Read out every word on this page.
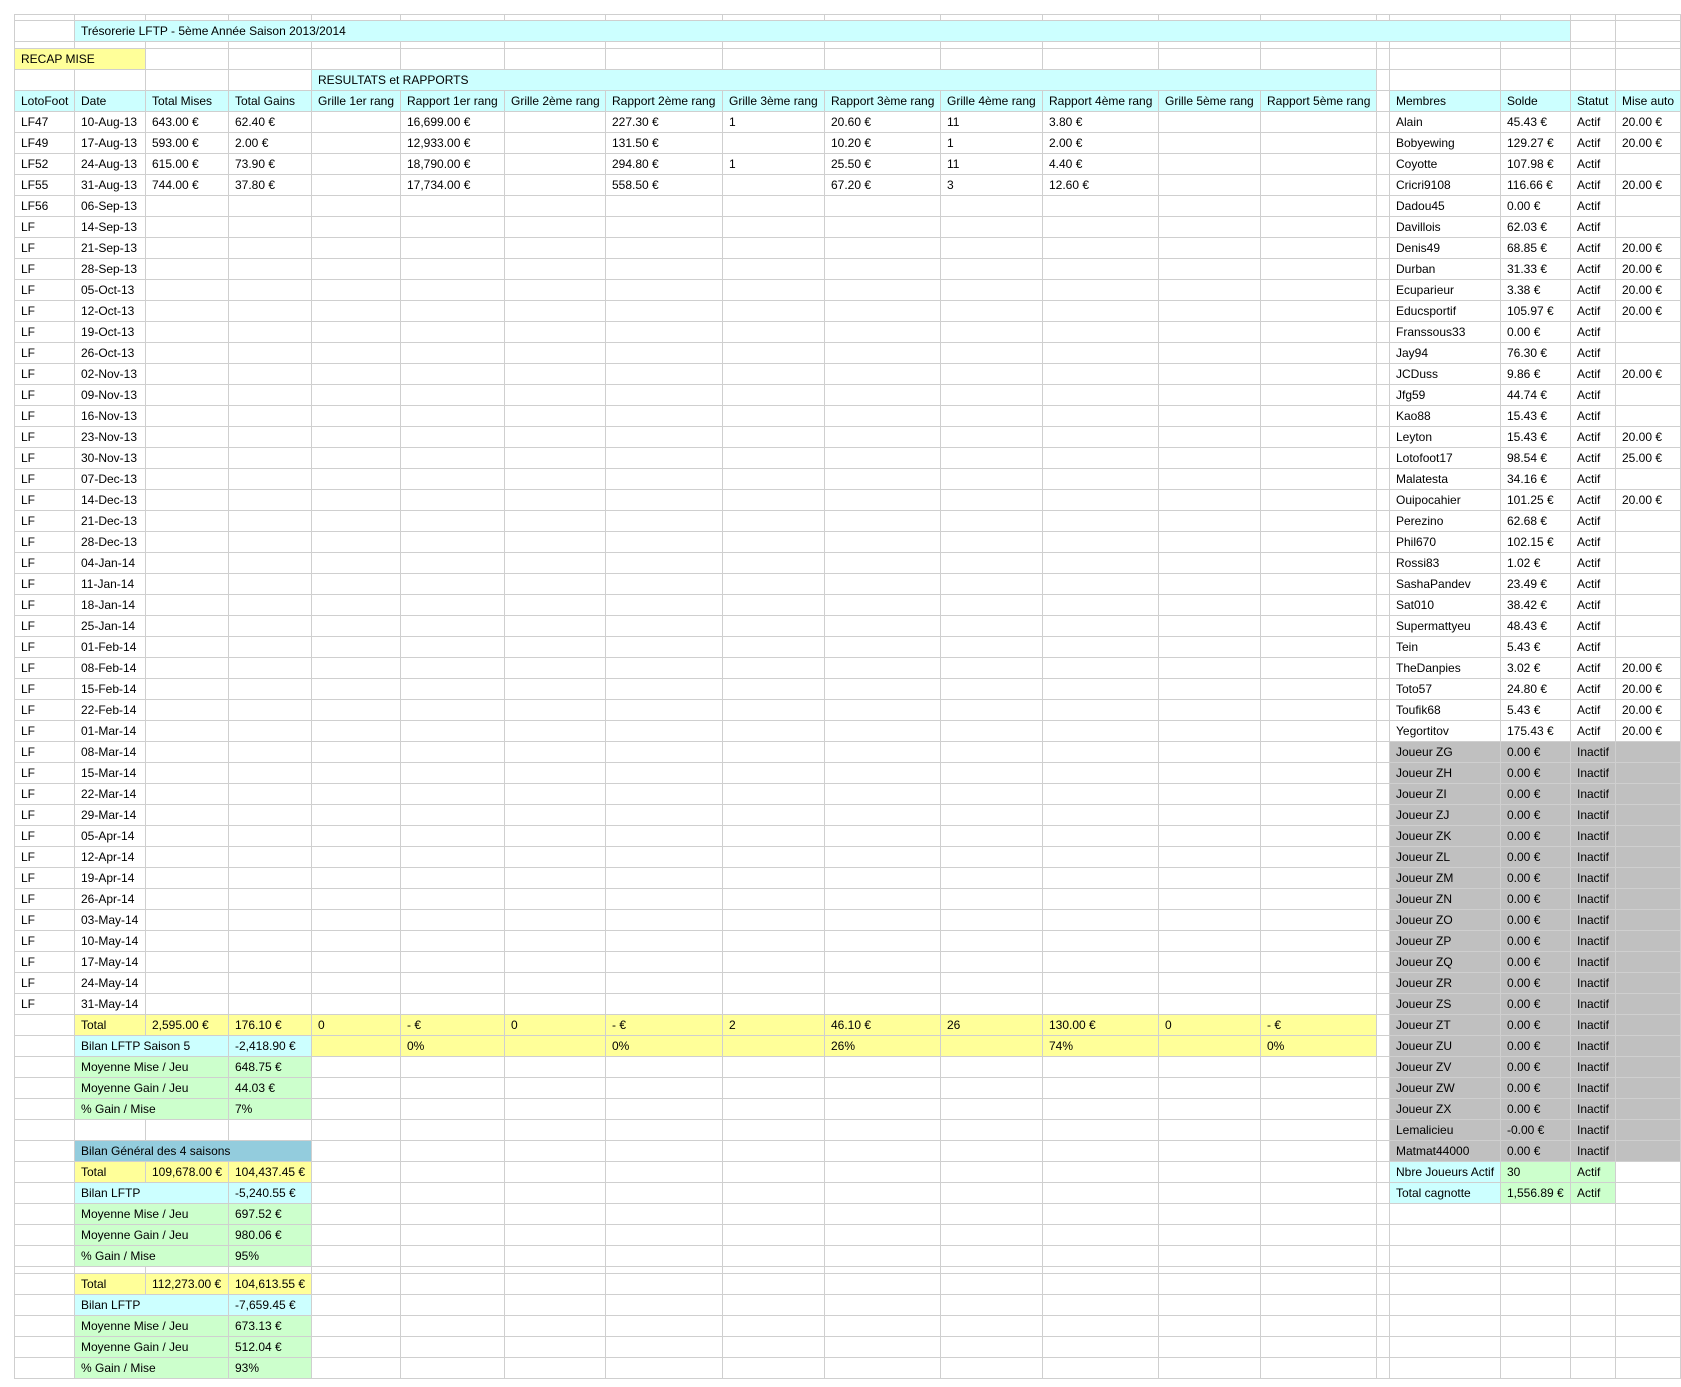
	Trésorerie LFTP - 5ème Année Saison 2013/2014																	

RECAP MISE																		
				RESULTATS et RAPPORTS														
LotoFoot	Date	Total Mises	Total Gains	Grille 1er rang	Rapport 1er rang	Grille 2ème rang	Rapport 2ème rang	Grille 3ème rang	Rapport 3ème rang	Grille 4ème rang	Rapport 4ème rang	Grille 5ème rang	Rapport 5ème rang		Membres	Solde	Statut	Mise auto
LF47	10-Aug-13	643.00 €	62.40 €		16,699.00 €		227.30 €	1	20.60 €	11	3.80 €				Alain	45.43 €	Actif	20.00 €
LF49	17-Aug-13	593.00 €	2.00 €		12,933.00 €		131.50 €		10.20 €	1	2.00 €				Bobyewing	129.27 €	Actif	20.00 €
LF52	24-Aug-13	615.00 €	73.90 €		18,790.00 €		294.80 €	1	25.50 €	11	4.40 €				Coyotte	107.98 €	Actif	
LF55	31-Aug-13	744.00 €	37.80 €		17,734.00 €		558.50 €		67.20 €	3	12.60 €				Cricri9108	116.66 €	Actif	20.00 €
LF56	06-Sep-13														Dadou45	0.00 €	Actif	
LF	14-Sep-13														Davillois	62.03 €	Actif	
LF	21-Sep-13														Denis49	68.85 €	Actif	20.00 €
LF	28-Sep-13														Durban	31.33 €	Actif	20.00 €
LF	05-Oct-13														Ecuparieur	3.38 €	Actif	20.00 €
LF	12-Oct-13														Educsportif	105.97 €	Actif	20.00 €
LF	19-Oct-13														Franssous33	0.00 €	Actif	
LF	26-Oct-13														Jay94	76.30 €	Actif	
LF	02-Nov-13														JCDuss	9.86 €	Actif	20.00 €
LF	09-Nov-13														Jfg59	44.74 €	Actif	
LF	16-Nov-13														Kao88	15.43 €	Actif	
LF	23-Nov-13														Leyton	15.43 €	Actif	20.00 €
LF	30-Nov-13														Lotofoot17	98.54 €	Actif	25.00 €
LF	07-Dec-13														Malatesta	34.16 €	Actif	
LF	14-Dec-13														Ouipocahier	101.25 €	Actif	20.00 €
LF	21-Dec-13														Perezino	62.68 €	Actif	
LF	28-Dec-13														Phil670	102.15 €	Actif	
LF	04-Jan-14														Rossi83	1.02 €	Actif	
LF	11-Jan-14														SashaPandev	23.49 €	Actif	
LF	18-Jan-14														Sat010	38.42 €	Actif	
LF	25-Jan-14														Supermattyeu	48.43 €	Actif	
LF	01-Feb-14														Tein	5.43 €	Actif	
LF	08-Feb-14														TheDanpies	3.02 €	Actif	20.00 €
LF	15-Feb-14														Toto57	24.80 €	Actif	20.00 €
LF	22-Feb-14														Toufik68	5.43 €	Actif	20.00 €
LF	01-Mar-14														Yegortitov	175.43 €	Actif	20.00 €
LF	08-Mar-14														Joueur ZG	0.00 €	Inactif	
LF	15-Mar-14														Joueur ZH	0.00 €	Inactif	
LF	22-Mar-14														Joueur ZI	0.00 €	Inactif	
LF	29-Mar-14														Joueur ZJ	0.00 €	Inactif	
LF	05-Apr-14														Joueur ZK	0.00 €	Inactif	
LF	12-Apr-14														Joueur ZL	0.00 €	Inactif	
LF	19-Apr-14														Joueur ZM	0.00 €	Inactif	
LF	26-Apr-14														Joueur ZN	0.00 €	Inactif	
LF	03-May-14														Joueur ZO	0.00 €	Inactif	
LF	10-May-14														Joueur ZP	0.00 €	Inactif	
LF	17-May-14														Joueur ZQ	0.00 €	Inactif	
LF	24-May-14														Joueur ZR	0.00 €	Inactif	
LF	31-May-14														Joueur ZS	0.00 €	Inactif	
	Total	2,595.00 €	176.10 €	0	- €	0	- €	2	46.10 €	26	130.00 €	0	- €		Joueur ZT	0.00 €	Inactif	
	Bilan LFTP Saison 5		-2,418.90 €		0%		0%		26%		74%		0%		Joueur ZU	0.00 €	Inactif	
	Moyenne Mise / Jeu		648.75 €												Joueur ZV	0.00 €	Inactif	
	Moyenne Gain / Jeu		44.03 €												Joueur ZW	0.00 €	Inactif	
	% Gain / Mise		7%												Joueur ZX	0.00 €	Inactif	
															Lemalicieu	-0.00 €	Inactif	
	Bilan Général des 4 saisons														Matmat44000	0.00 €	Inactif	
	Total	109,678.00 €	104,437.45 €												Nbre Joueurs Actif	30	Actif	
	Bilan LFTP		-5,240.55 €												Total cagnotte	1,556.89 €	Actif	
	Moyenne Mise / Jeu		697.52 €															
	Moyenne Gain / Jeu		980.06 €															
	% Gain / Mise		95%															

	Total	112,273.00 €	104,613.55 €															
	Bilan LFTP		-7,659.45 €															
	Moyenne Mise / Jeu		673.13 €															
	Moyenne Gain / Jeu		512.04 €															
	% Gain / Mise		93%															
